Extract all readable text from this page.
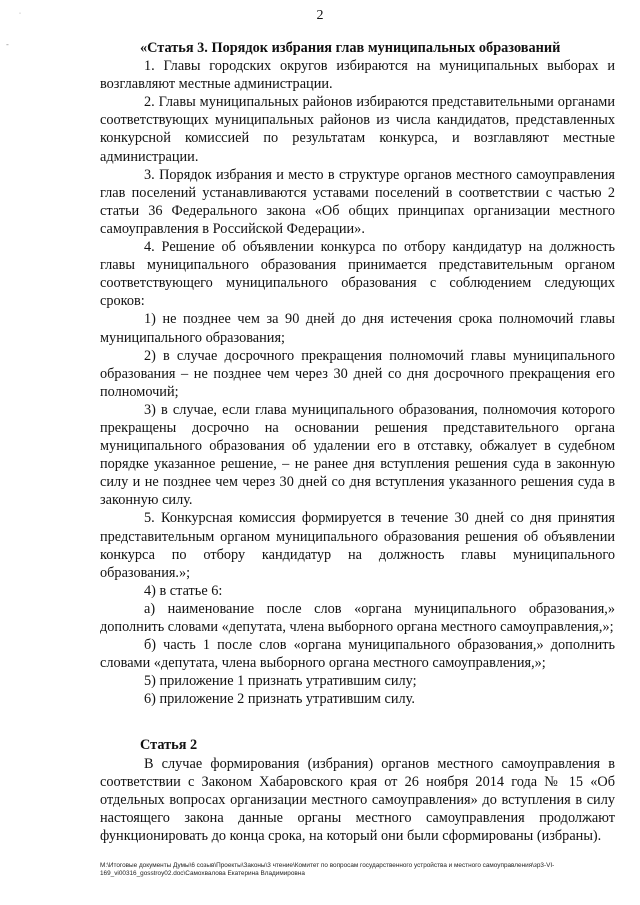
˙
-
2
«Статья 3. Порядок избрания глав муниципальных образований

1. Главы городских округов избираются на муниципальных выборах и возглавляют местные администрации.

2. Главы муниципальных районов избираются представительными органами соответствующих муниципальных районов из числа кандидатов, представленных конкурсной комиссией по результатам конкурса, и возглавляют местные администрации.

3. Порядок избрания и место в структуре органов местного самоуправления глав поселений устанавливаются уставами поселений в соответствии с частью 2 статьи 36 Федерального закона «Об общих принципах организации местного самоуправления в Российской Федерации».

4. Решение об объявлении конкурса по отбору кандидатур на должность главы муниципального образования принимается представительным органом соответствующего муниципального образования с соблюдением следующих сроков:

1) не позднее чем за 90 дней до дня истечения срока полномочий главы муниципального образования;

2) в случае досрочного прекращения полномочий главы муниципального образования – не позднее чем через 30 дней со дня досрочного прекращения его полномочий;

3) в случае, если глава муниципального образования, полномочия которого прекращены досрочно на основании решения представительного органа муниципального образования об удалении его в отставку, обжалует в судебном порядке указанное решение, – не ранее дня вступления решения суда в законную силу и не позднее чем через 30 дней со дня вступления указанного решения суда в законную силу.

5. Конкурсная комиссия формируется в течение 30 дней со дня принятия представительным органом муниципального образования решения об объявлении конкурса по отбору кандидатур на должность главы муниципального образования.»;

4) в статье 6:

а) наименование после слов «органа муниципального образования,» дополнить словами «депутата, члена выборного органа местного самоуправления,»;

б) часть 1 после слов «органа муниципального образования,» дополнить словами «депутата, члена выборного органа местного самоуправления,»;

5) приложение 1 признать утратившим силу;

6) приложение 2 признать утратившим силу.

Статья 2

В случае формирования (избрания) органов местного самоуправления в соответствии с Законом Хабаровского края от 26 ноября 2014 года № 15 «Об отдельных вопросах организации местного самоуправления» до вступления в силу настоящего закона данные органы местного самоуправления продолжают функционировать до конца срока, на который они были сформированы (избраны).

M:\Итоговые документы Думы\6 созыв\Проекты\Законы\3 чтение\Комитет по вопросам государственного устройства и местного самоуправления\зр3-VI-169_vi00316_gosstroy02.doc\Самохвалова Екатерина Владимировна
